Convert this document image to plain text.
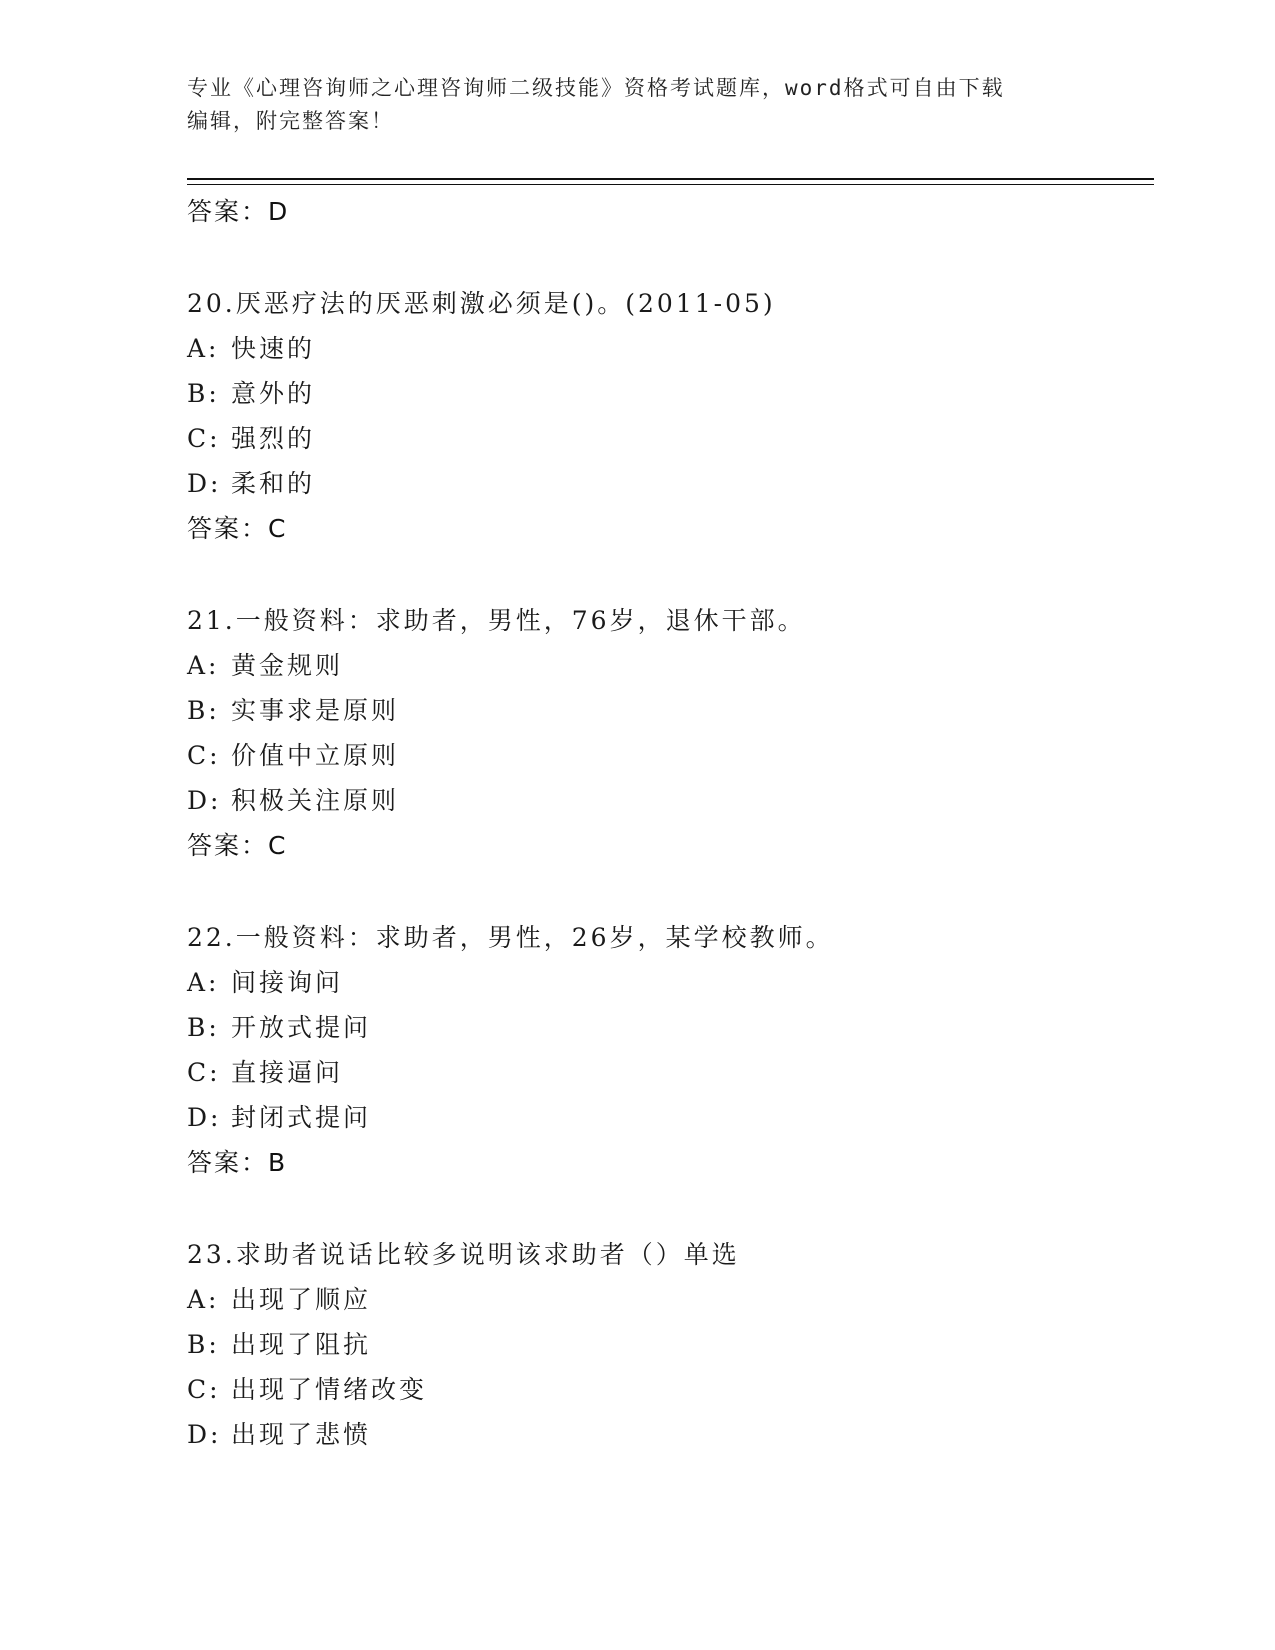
专业《心理咨询师之心理咨询师二级技能》资格考试题库，word格式可自由下载
编辑，附完整答案！
答案：D
20.厌恶疗法的厌恶刺激必须是()。(2011-05)
A: 快速的
B: 意外的
C: 强烈的
D: 柔和的
答案：C
21.一般资料：求助者，男性，76岁，退休干部。
A: 黄金规则
B: 实事求是原则
C: 价值中立原则
D: 积极关注原则
答案：C
22.一般资料：求助者，男性，26岁，某学校教师。
A: 间接询问
B: 开放式提问
C: 直接逼问
D: 封闭式提问
答案：B
23.求助者说话比较多说明该求助者（）单选
A: 出现了顺应
B: 出现了阻抗
C: 出现了情绪改变
D: 出现了悲愤
